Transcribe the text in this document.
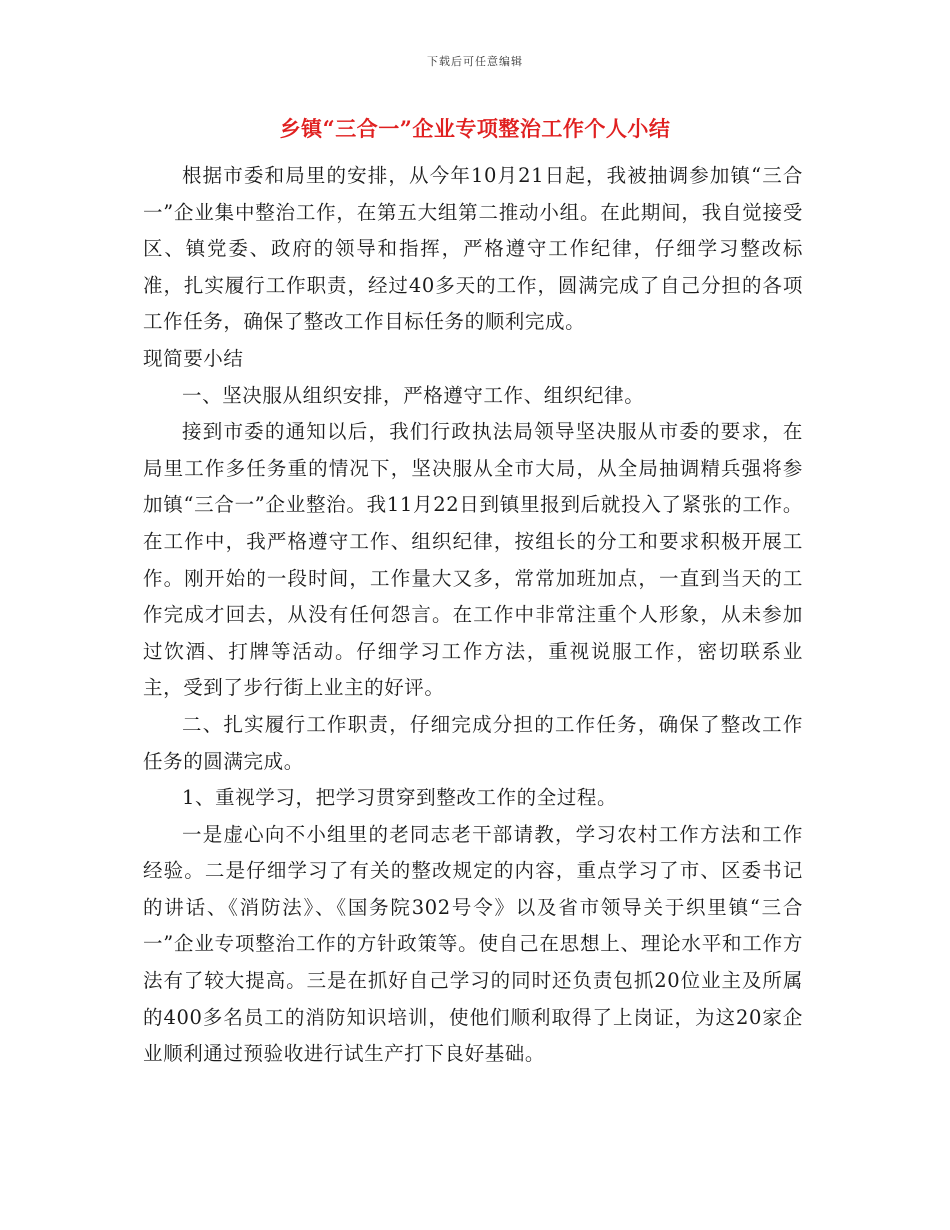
下载后可任意编辑
乡镇“三合一”企业专项整治工作个人小结

根据市委和局里的安排，从今年10月21日起，我被抽调参加镇“三合一”企业集中整治工作，在第五大组第二推动小组。在此期间，我自觉接受区、镇党委、政府的领导和指挥，严格遵守工作纪律，仔细学习整改标准，扎实履行工作职责，经过40多天的工作，圆满完成了自己分担的各项工作任务，确保了整改工作目标任务的顺利完成。

现简要小结

一、坚决服从组织安排，严格遵守工作、组织纪律。

接到市委的通知以后，我们行政执法局领导坚决服从市委的要求，在局里工作多任务重的情况下，坚决服从全市大局，从全局抽调精兵强将参加镇“三合一”企业整治。我11月22日到镇里报到后就投入了紧张的工作。在工作中，我严格遵守工作、组织纪律，按组长的分工和要求积极开展工作。刚开始的一段时间，工作量大又多，常常加班加点，一直到当天的工作完成才回去，从没有任何怨言。在工作中非常注重个人形象，从未参加过饮酒、打牌等活动。仔细学习工作方法，重视说服工作，密切联系业主，受到了步行街上业主的好评。

二、扎实履行工作职责，仔细完成分担的工作任务，确保了整改工作任务的圆满完成。

1、重视学习，把学习贯穿到整改工作的全过程。

一是虚心向不小组里的老同志老干部请教，学习农村工作方法和工作经验。二是仔细学习了有关的整改规定的内容，重点学习了市、区委书记的讲话、《消防法》、《国务院302号令》以及省市领导关于织里镇“三合一”企业专项整治工作的方针政策等。使自己在思想上、理论水平和工作方法有了较大提高。三是在抓好自己学习的同时还负责包抓20位业主及所属的400多名员工的消防知识培训，使他们顺利取得了上岗证，为这20家企业顺利通过预验收进行试生产打下良好基础。
